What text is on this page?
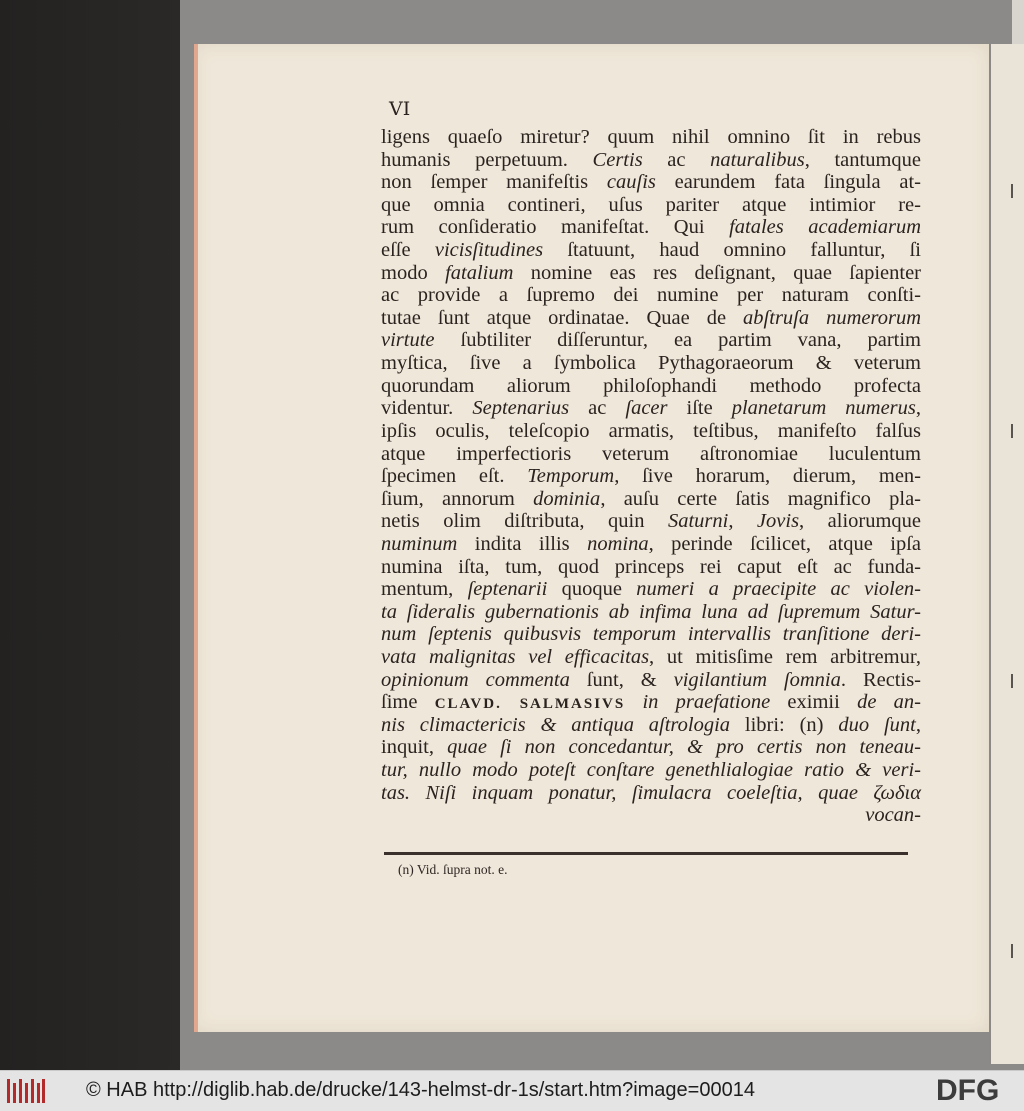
VI

ligens quaeſo miretur? quum nihil omnino ſit in rebus
humanis perpetuum. Certis ac naturalibus, tantumque
non ſemper manifeſtis cauſis earundem fata ſingula at-
que omnia contineri, uſus pariter atque intimior re-
rum conſideratio manifeſtat. Qui fatales academiarum
eſſe vicisſitudines ſtatuunt, haud omnino falluntur, ſi
modo fatalium nomine eas res deſignant, quae ſapienter
ac provide a ſupremo dei numine per naturam conſti-
tutae ſunt atque ordinatae. Quae de abſtruſa numerorum
virtute ſubtiliter diſſeruntur, ea partim vana, partim
myſtica, ſive a ſymbolica Pythagoraeorum & veterum
quorundam aliorum philoſophandi methodo profecta
videntur. Septenarius ac ſacer iſte planetarum numerus,
ipſis oculis, teleſcopio armatis, teſtibus, manifeſto falſus
atque imperfectioris veterum aſtronomiae luculentum
ſpecimen eſt. Temporum, ſive horarum, dierum, men-
ſium, annorum dominia, auſu certe ſatis magnifico pla-
netis olim diſtributa, quin Saturni, Jovis, aliorumque
numinum indita illis nomina, perinde ſcilicet, atque ipſa
numina iſta, tum, quod princeps rei caput eſt ac funda-
mentum, ſeptenarii quoque numeri a praecipite ac violen-
ta ſideralis gubernationis ab infima luna ad ſupremum Satur-
num ſeptenis quibusvis temporum intervallis tranſitione deri-
vata malignitas vel efficacitas, ut mitisſime rem arbitremur,
opinionum commenta ſunt, & vigilantium ſomnia. Rectis-
ſime CLAVD. SALMASIVS in praefatione eximii de an-
nis climactericis & antiqua aſtrologia libri: (n) duo ſunt,
inquit, quae ſi non concedantur, & pro certis non teneau-
tur, nullo modo poteſt conſtare genethlialogiae ratio & veri-
tas. Niſi inquam ponatur, ſimulacra coeleſtia, quae ζωδια
vocan-

(n) Vid. ſupra not. e.

© HAB http://diglib.hab.de/drucke/143-helmst-dr-1s/start.htm?image=00014	DFG
